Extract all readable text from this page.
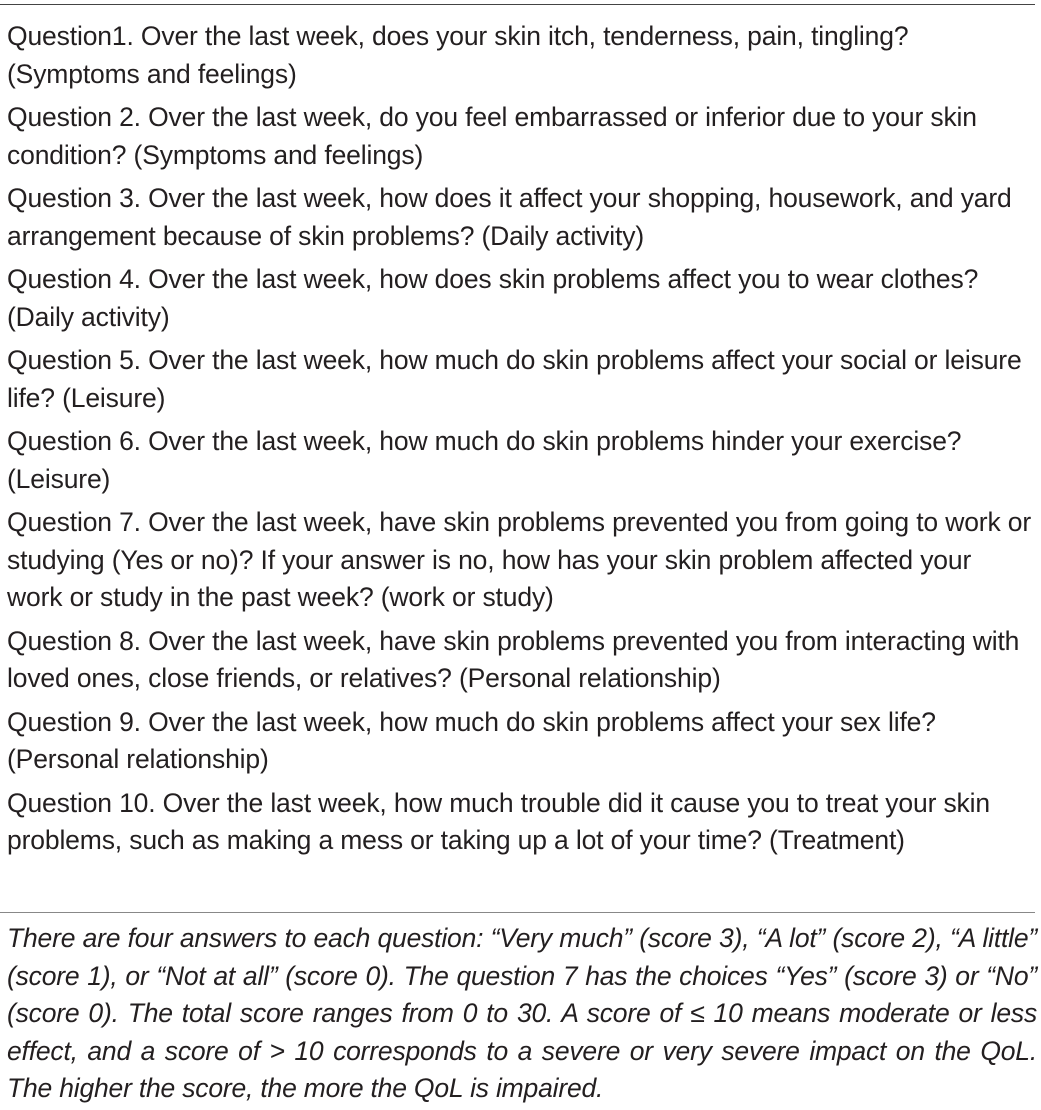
Question1. Over the last week, does your skin itch, tenderness, pain, tingling? (Symptoms and feelings)
Question 2. Over the last week, do you feel embarrassed or inferior due to your skin condition? (Symptoms and feelings)
Question 3. Over the last week, how does it affect your shopping, housework, and yard arrangement because of skin problems? (Daily activity)
Question 4. Over the last week, how does skin problems affect you to wear clothes? (Daily activity)
Question 5. Over the last week, how much do skin problems affect your social or leisure life? (Leisure)
Question 6. Over the last week, how much do skin problems hinder your exercise? (Leisure)
Question 7. Over the last week, have skin problems prevented you from going to work or studying (Yes or no)? If your answer is no, how has your skin problem affected your work or study in the past week? (work or study)
Question 8. Over the last week, have skin problems prevented you from interacting with loved ones, close friends, or relatives? (Personal relationship)
Question 9. Over the last week, how much do skin problems affect your sex life? (Personal relationship)
Question 10. Over the last week, how much trouble did it cause you to treat your skin problems, such as making a mess or taking up a lot of your time? (Treatment)
There are four answers to each question: “Very much” (score 3), “A lot” (score 2), “A little” (score 1), or “Not at all” (score 0). The question 7 has the choices “Yes” (score 3) or “No” (score 0). The total score ranges from 0 to 30. A score of ≤ 10 means moderate or less effect, and a score of > 10 corresponds to a severe or very severe impact on the QoL. The higher the score, the more the QoL is impaired.
